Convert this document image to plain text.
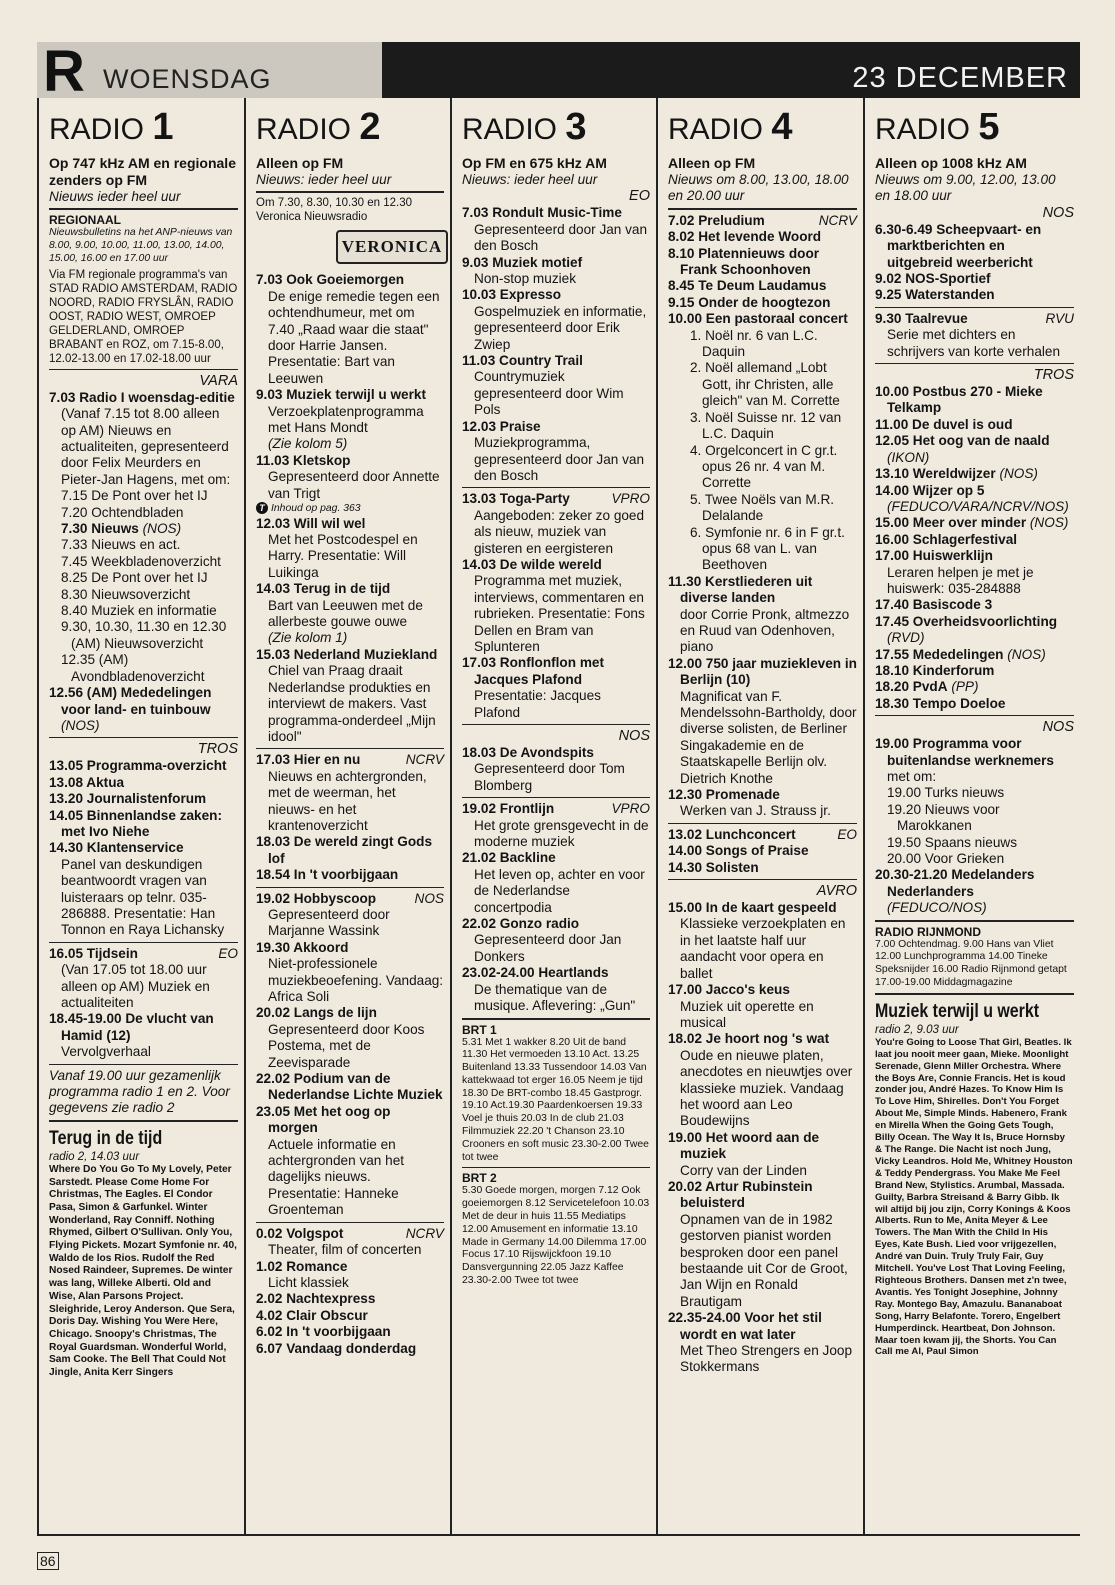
R WOENSDAG	23 DECEMBER
RADIO 1
Op 747 kHz AM en regionale zenders op FM
Nieuws ieder heel uur
REGIONAAL
Nieuwsbulletins na het ANP-nieuws van 8.00, 9.00, 10.00, 11.00, 13.00, 14.00, 15.00, 16.00 en 17.00 uur
Via FM regionale programma's van STAD RADIO AMSTERDAM, RADIO NOORD, RADIO FRYSLÂN, RADIO OOST, RADIO WEST, OMROEP GELDERLAND, OMROEP BRABANT en ROZ, om 7.15-8.00, 12.02-13.00 en 17.02-18.00 uur
VARA
7.03 Radio I woensdag-editie
(Vanaf 7.15 tot 8.00 alleen op AM) Nieuws en actualiteiten, gepresenteerd door Felix Meurders en Pieter-Jan Hagens, met om:
7.15 De Pont over het IJ
7.20 Ochtendbladen
7.30 Nieuws (NOS)
7.33 Nieuws en act.
7.45 Weekbladenoverzicht
8.25 De Pont over het IJ
8.30 Nieuwsoverzicht
8.40 Muziek en informatie
9.30, 10.30, 11.30 en 12.30 (AM) Nieuwsoverzicht
12.35 (AM) Avondbladenoverzicht
12.56 (AM) Mededelingen voor land- en tuinbouw (NOS)
TROS
13.05 Programma-overzicht
13.08 Aktua
13.20 Journalistenforum
14.05 Binnenlandse zaken: met Ivo Niehe
14.30 Klantenservice
Panel van deskundigen beantwoordt vragen van luisteraars op telnr. 035-286888. Presentatie: Han Tonnon en Raya Lichansky
16.05 Tijdsein	EO
(Van 17.05 tot 18.00 uur alleen op AM) Muziek en actualiteiten
18.45-19.00 De vlucht van Hamid (12)
Vervolgverhaal
Vanaf 19.00 uur gezamenlijk programma radio 1 en 2. Voor gegevens zie radio 2
Terug in de tijd
radio 2, 14.03 uur
Where Do You Go To My Lovely, Peter Sarstedt. Please Come Home For Christmas, The Eagles. El Condor Pasa, Simon & Garfunkel. Winter Wonderland, Ray Conniff. Nothing Rhymed, Gilbert O'Sullivan. Only You, Flying Pickets. Mozart Symfonie nr. 40, Waldo de los Rios. Rudolf the Red Nosed Raindeer, Supremes. De winter was lang, Willeke Alberti. Old and Wise, Alan Parsons Project. Sleighride, Leroy Anderson. Que Sera, Doris Day. Wishing You Were Here, Chicago. Snoopy's Christmas, The Royal Guardsman. Wonderful World, Sam Cooke. The Bell That Could Not Jingle, Anita Kerr Singers
RADIO 2
Alleen op FM
Nieuws: ieder heel uur
Om 7.30, 8.30, 10.30 en 12.30 Veronica Nieuwsradio
VERONICA
7.03 Ook Goeiemorgen
De enige remedie tegen een ochtendhumeur, met om 7.40 „Raad waar die staat" door Harrie Jansen. Presentatie: Bart van Leeuwen
9.03 Muziek terwijl u werkt
Verzoekplatenprogramma met Hans Mondt
(Zie kolom 5)
11.03 Kletskop
Gepresenteerd door Annette van Trigt
T Inhoud op pag. 363
12.03 Will wil wel
Met het Postcodespel en Harry. Presentatie: Will Luikinga
14.03 Terug in de tijd
Bart van Leeuwen met de allerbeste gouwe ouwe
(Zie kolom 1)
15.03 Nederland Muziekland
Chiel van Praag draait Nederlandse produkties en interviewt de makers. Vast programma-onderdeel „Mijn idool"
17.03 Hier en nu	NCRV
Nieuws en achtergronden, met de weerman, het nieuws- en het krantenoverzicht
18.03 De wereld zingt Gods lof
18.54 In 't voorbijgaan
19.02 Hobbyscoop	NOS
Gepresenteerd door Marjanne Wassink
19.30 Akkoord
Niet-professionele muziekbeoefening. Vandaag: Africa Soli
20.02 Langs de lijn
Gepresenteerd door Koos Postema, met de Zeevisparade
22.02 Podium van de Nederlandse Lichte Muziek
23.05 Met het oog op morgen
Actuele informatie en achtergronden van het dagelijks nieuws. Presentatie: Hanneke Groenteman
0.02 Volgspot	NCRV
Theater, film of concerten
1.02 Romance
Licht klassiek
2.02 Nachtexpress
4.02 Clair Obscur
6.02 In 't voorbijgaan
6.07 Vandaag donderdag
RADIO 3
Op FM en 675 kHz AM
Nieuws: ieder heel uur
EO
7.03 Rondult Music-Time
Gepresenteerd door Jan van den Bosch
9.03 Muziek motief
Non-stop muziek
10.03 Expresso
Gospelmuziek en informatie, gepresenteerd door Erik Zwiep
11.03 Country Trail
Countrymuziek gepresenteerd door Wim Pols
12.03 Praise
Muziekprogramma, gepresenteerd door Jan van den Bosch
13.03 Toga-Party	VPRO
Aangeboden: zeker zo goed als nieuw, muziek van gisteren en eergisteren
14.03 De wilde wereld
Programma met muziek, interviews, commentaren en rubrieken. Presentatie: Fons Dellen en Bram van Splunteren
17.03 Ronflonflon met Jacques Plafond
Presentatie: Jacques Plafond
NOS
18.03 De Avondspits
Gepresenteerd door Tom Blomberg
19.02 Frontlijn	VPRO
Het grote grensgevecht in de moderne muziek
21.02 Backline
Het leven op, achter en voor de Nederlandse concertpodia
22.02 Gonzo radio
Gepresenteerd door Jan Donkers
23.02-24.00 Heartlands
De thematique van de musique. Aflevering: „Gun"
BRT 1
5.31 Met 1 wakker 8.20 Uit de band 11.30 Het vermoeden 13.10 Act. 13.25 Buitenland 13.33 Tussendoor 14.03 Van kattekwaad tot erger 16.05 Neem je tijd 18.30 De BRT-combo 18.45 Gastprogr. 19.10 Act.19.30 Paardenkoersen 19.33 Voel je thuis 20.03 In de club 21.03 Filmmuziek 22.20 't Chanson 23.10 Crooners en soft music 23.30-2.00 Twee tot twee
BRT 2
5.30 Goede morgen, morgen 7.12 Ook goeiemorgen 8.12 Servicetelefoon 10.03 Met de deur in huis 11.55 Mediatips 12.00 Amusement en informatie 13.10 Made in Germany 14.00 Dilemma 17.00 Focus 17.10 Rijswijckfoon 19.10 Dansvergunning 22.05 Jazz Kaffee 23.30-2.00 Twee tot twee
RADIO 4
Alleen op FM
Nieuws om 8.00, 13.00, 18.00 en 20.00 uur
7.02 Preludium	NCRV
8.02 Het levende Woord
8.10 Platennieuws door Frank Schoonhoven
8.45 Te Deum Laudamus
9.15 Onder de hoogtezon
10.00 Een pastoraal concert
1. Noël nr. 6 van L.C. Daquin
2. Noël allemand „Lobt Gott, ihr Christen, alle gleich" van M. Corrette
3. Noël Suisse nr. 12 van L.C. Daquin
4. Orgelconcert in C gr.t. opus 26 nr. 4 van M. Corrette
5. Twee Noëls van M.R. Delalande
6. Symfonie nr. 6 in F gr.t. opus 68 van L. van Beethoven
11.30 Kerstliederen uit diverse landen
door Corrie Pronk, altmezzo en Ruud van Odenhoven, piano
12.00 750 jaar muziekleven in Berlijn (10)
Magnificat van F. Mendelssohn-Bartholdy, door diverse solisten, de Berliner Singakademie en de Staatskapelle Berlijn olv. Dietrich Knothe
12.30 Promenade
Werken van J. Strauss jr.
13.02 Lunchconcert	EO
14.00 Songs of Praise
14.30 Solisten
AVRO
15.00 In de kaart gespeeld
Klassieke verzoekplaten en in het laatste half uur aandacht voor opera en ballet
17.00 Jacco's keus
Muziek uit operette en musical
18.02 Je hoort nog 's wat
Oude en nieuwe platen, anecdotes en nieuwtjes over klassieke muziek. Vandaag het woord aan Leo Boudewijns
19.00 Het woord aan de muziek
Corry van der Linden
20.02 Artur Rubinstein beluisterd
Opnamen van de in 1982 gestorven pianist worden besproken door een panel bestaande uit Cor de Groot, Jan Wijn en Ronald Brautigam
22.35-24.00 Voor het stil wordt en wat later
Met Theo Strengers en Joop Stokkermans
RADIO 5
Alleen op 1008 kHz AM
Nieuws om 9.00, 12.00, 13.00 en 18.00 uur
NOS
6.30-6.49 Scheepvaart- en marktberichten en uitgebreid weerbericht
9.02 NOS-Sportief
9.25 Waterstanden
9.30 Taalrevue	RVU
Serie met dichters en schrijvers van korte verhalen
TROS
10.00 Postbus 270 - Mieke Telkamp
11.00 De duvel is oud
12.05 Het oog van de naald (IKON)
13.10 Wereldwijzer (NOS)
14.00 Wijzer op 5 (FEDUCO/VARA/NCRV/NOS)
15.00 Meer over minder (NOS)
16.00 Schlagerfestival
17.00 Huiswerklijn
Leraren helpen je met je huiswerk: 035-284888
17.40 Basiscode 3
17.45 Overheidsvoorlichting (RVD)
17.55 Mededelingen (NOS)
18.10 Kinderforum
18.20 PvdA (PP)
18.30 Tempo Doeloe
NOS
19.00 Programma voor buitenlandse werknemers met om:
19.00 Turks nieuws
19.20 Nieuws voor Marokkanen
19.50 Spaans nieuws
20.00 Voor Grieken
20.30-21.20 Medelanders Nederlanders (FEDUCO/NOS)
RADIO RIJNMOND
7.00 Ochtendmag. 9.00 Hans van Vliet 12.00 Lunchprogramma 14.00 Tineke Speksnijder 16.00 Radio Rijnmond getapt 17.00-19.00 Middagmagazine
Muziek terwijl u werkt
radio 2, 9.03 uur
You're Going to Loose That Girl, Beatles. Ik laat jou nooit meer gaan, Mieke. Moonlight Serenade, Glenn Miller Orchestra. Where the Boys Are, Connie Francis. Het is koud zonder jou, André Hazes. To Know Him Is To Love Him, Shirelles. Don't You Forget About Me, Simple Minds. Habenero, Frank en Mirella When the Going Gets Tough, Billy Ocean. The Way It Is, Bruce Hornsby & The Range. Die Nacht ist noch Jung, Vicky Leandros. Hold Me, Whitney Houston & Teddy Pendergrass. You Make Me Feel Brand New, Stylistics. Arumbal, Massada. Guilty, Barbra Streisand & Barry Gibb. Ik wil altijd bij jou zijn, Corry Konings & Koos Alberts. Run to Me, Anita Meyer & Lee Towers. The Man With the Child In His Eyes, Kate Bush. Lied voor vrijgezellen, André van Duin. Truly Truly Fair, Guy Mitchell. You've Lost That Loving Feeling, Righteous Brothers. Dansen met z'n twee, Avantis. Yes Tonight Josephine, Johnny Ray. Montego Bay, Amazulu. Bananaboat Song, Harry Belafonte. Torero, Engelbert Humperdinck. Heartbeat, Don Johnson. Maar toen kwam jij, the Shorts. You Can Call me Al, Paul Simon
86
